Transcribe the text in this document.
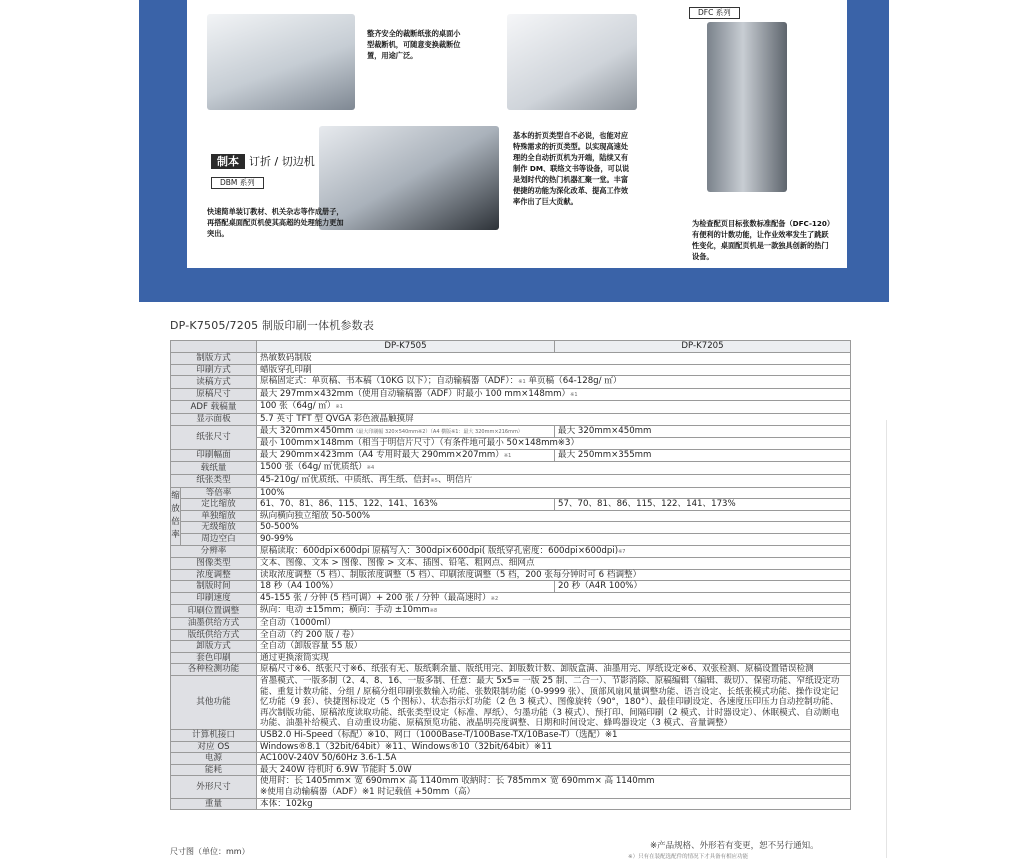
整齐安全的裁断纸张的桌面小型裁断机，可随意变换裁断位置，用途广泛。
制本 订折 / 切边机
DBM 系列
快速简单装订教材、机关杂志等作成册子，再搭配桌面配页机使其高超的处理能力更加突出。
基本的折页类型自不必说，也能对应特殊需求的折页类型。以实现高速处理的全自动折页机为开端，陆续又有制作 DM、联络文书等设备，可以说是划时代的热门机器汇聚一堂。丰富便捷的功能为深化改革、提高工作效率作出了巨大贡献。
DFC 系列
为检查配页目标张数标准配备（DFC-120）有便利的计数功能，让作业效率发生了跳跃性变化，桌面配页机是一款独具创新的热门设备。
DP-K7505/7205 制版印刷一体机参数表
		DP-K7505	DP-K7205
制版方式		热敏数码制版	
印刷方式		蜡版穿孔印刷	
读稿方式		原稿固定式：单页稿、书本稿（10KG 以下）；自动输稿器（ADF）：※1 单页稿（64-128g/ ㎡）	
原稿尺寸		最大 297mm×432mm（使用自动输稿器（ADF）时最小 100 mm×148mm）※1	
ADF 载稿量		100 张（64g/ ㎡）※1	
显示面板		5.7 英寸 TFT 型 QVGA 彩色液晶触摸屏	
纸张尺寸		最大 320mm×450mm（最大印刷幅 320×540mm※2）（A4 横版※1：最大 320mm×216mm）	最大 320mm×450mm
		最小 100mm×148mm（相当于明信片尺寸）（有条件地可最小 50×148mm※3）	
印刷幅面		最大 290mm×423mm（A4 专用时最大 290mm×207mm）※1	最大 250mm×355mm
载纸量		1500 张（64g/ ㎡优质纸）※4	
纸张类型		45-210g/ ㎡优质纸、中质纸、再生纸、信封※5、明信片	
缩放倍率	等倍率	100%	
	定比缩放	61、70、81、86、115、122、141、163%	57、70、81、86、115、122、141、173%
	单独缩放	纵向横向独立缩放 50-500%	
	无级缩放	50-500%	
	周边空白	90-99%	
分辨率		原稿读取：600dpi×600dpi 原稿写入：300dpi×600dpi( 版纸穿孔密度：600dpi×600dpi)※7	
图像类型		文本、图像、文本 > 图像、图像 > 文本、插图、铅笔、粗网点、细网点	
浓度调整		读取浓度调整（5 档）、制版浓度调整（5 档）、印刷浓度调整（5 档，200 张每分钟时可 6 档调整）	
制版时间		18 秒（A4 100%）	20 秒（A4R 100%）
印刷速度		45-155 张 / 分钟 (5 档可调）+ 200 张 / 分钟（最高速时）※2	
印刷位置调整		纵向：电动 ±15mm；横向：手动 ±10mm※8	
油墨供给方式		全自动（1000ml）	
版纸供给方式		全自动（约 200 版 / 卷）	
卸版方式		全自动（卸版容量 55 版）	
套色印刷		通过更换滚筒实现	
各种检测功能		原稿尺寸※6、纸张尺寸※6、纸张有无、版纸剩余量、版纸用完、卸版数计数、卸版盒满、油墨用完、厚纸设定※6、双张检测、原稿设置错误检测	
其他功能		省墨模式、一版多制（2、4、8、16、一版多制、任意：最大 5x5= 一版 25 制、二合一）、节影消除、原稿编辑（编辑、裁切）、保密功能、窄纸设定功能、重复计数功能、分组 / 原稿分组印刷张数输入功能、张数限制功能（0-9999 张）、顶部风扇风量调整功能、语言设定、长纸张模式功能、操作设定记忆功能（9 套）、快捷图标设定（5 个图标）、状态指示灯功能（2 色 3 模式）、图像旋转（90°，180°）、最佳印刷设定、各速度压印压力自动控制功能、再次制版功能、原稿浓度读取功能、纸张类型设定（标准、厚纸）、匀墨功能（3 模式）、预打印、间隔印刷（2 模式、计时器设定）、休眠模式、自动断电功能、油墨补给模式、自动重设功能、原稿预览功能、液晶明亮度调整、日期和时间设定、蜂鸣器设定（3 模式、音量调整）	
计算机接口		USB2.0 Hi-Speed（标配）※10、网口（1000Base-T/100Base-TX/10Base-T）（选配）※1	
对应 OS		Windows®8.1（32bit/64bit）※11、Windows®10（32bit/64bit）※11	
电源		AC100V-240V 50/60Hz 3.6-1.5A	
能耗		最大 240W 待机时 6.9W 节能时 5.0W	
外形尺寸		使用时：长 1405mm× 宽 690mm× 高 1140mm 收納时：长 785mm× 宽 690mm× 高 1140mm
※使用自动输稿器（ADF）※1 时记载值 +50mm（高）	

重量		本体：102kg	
※产品规格、外形若有变更，恕不另行通知。
尺寸图（单位：mm）
※）只有在装配选配件的情况下才具备有相应功能
